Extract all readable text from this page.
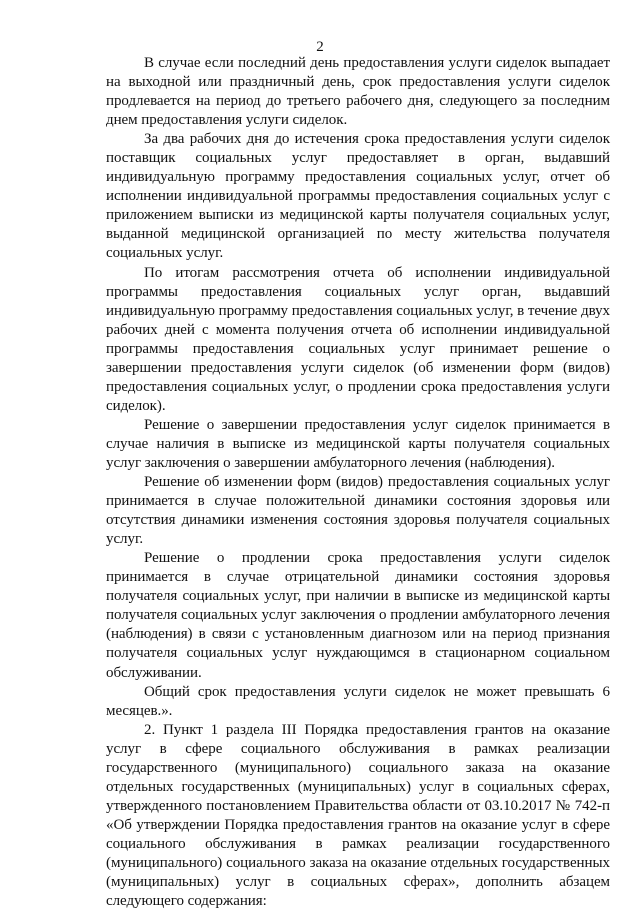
2

В случае если последний день предоставления услуги сиделок выпадает на выходной или праздничный день, срок предоставления услуги сиделок продлевается на период до третьего рабочего дня, следующего за последним днем предоставления услуги сиделок.

За два рабочих дня до истечения срока предоставления услуги сиделок поставщик социальных услуг предоставляет в орган, выдавший индивидуальную программу предоставления социальных услуг, отчет об исполнении индивидуальной программы предоставления социальных услуг с приложением выписки из медицинской карты получателя социальных услуг, выданной медицинской организацией по месту жительства получателя социальных услуг.

По итогам рассмотрения отчета об исполнении индивидуальной программы предоставления социальных услуг орган, выдавший индивидуальную программу предоставления социальных услуг, в течение двух рабочих дней с момента получения отчета об исполнении индивидуальной программы предоставления социальных услуг принимает решение о завершении предоставления услуги сиделок (об изменении форм (видов) предоставления социальных услуг, о продлении срока предоставления услуги сиделок).

Решение о завершении предоставления услуг сиделок принимается в случае наличия в выписке из медицинской карты получателя социальных услуг заключения о завершении амбулаторного лечения (наблюдения).

Решение об изменении форм (видов) предоставления социальных услуг принимается в случае положительной динамики состояния здоровья или отсутствия динамики изменения состояния здоровья получателя социальных услуг.

Решение о продлении срока предоставления услуги сиделок принимается в случае отрицательной динамики состояния здоровья получателя социальных услуг, при наличии в выписке из медицинской карты получателя социальных услуг заключения о продлении амбулаторного лечения (наблюдения) в связи с установленным диагнозом или на период признания получателя социальных услуг нуждающимся в стационарном социальном обслуживании.

Общий срок предоставления услуги сиделок не может превышать 6 месяцев.».

2. Пункт 1 раздела III Порядка предоставления грантов на оказание услуг в сфере социального обслуживания в рамках реализации государственного (муниципального) социального заказа на оказание отдельных государственных (муниципальных) услуг в социальных сферах, утвержденного постановлением Правительства области от 03.10.2017 № 742-п «Об утверждении Порядка предоставления грантов на оказание услуг в сфере социального обслуживания в рамках реализации государственного (муниципального) социального заказа на оказание отдельных государственных (муниципальных) услуг в социальных сферах», дополнить абзацем следующего содержания:
